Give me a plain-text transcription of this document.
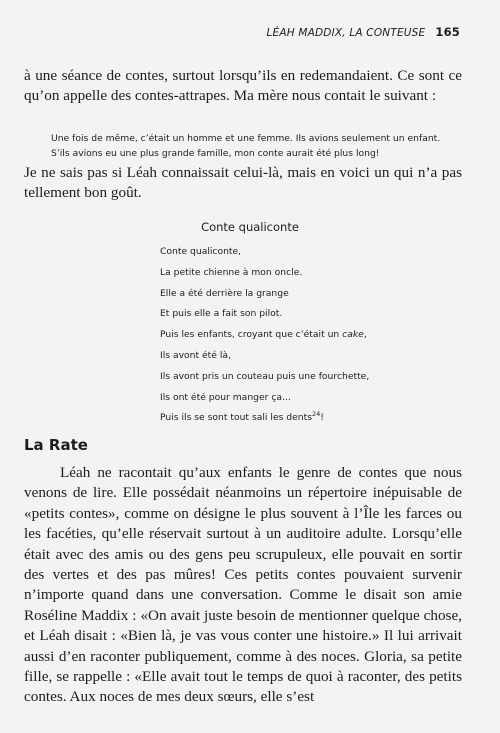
LÉAH MADDIX, LA CONTEUSE 165

à une séance de contes, surtout lorsqu’ils en redemandaient. Ce sont ce qu’on appelle des contes-attrapes. Ma mère nous contait le suivant :

Une fois de même, c’était un homme et une femme. Ils avions seulement un enfant.
S’ils avions eu une plus grande famille, mon conte aurait été plus long!

Je ne sais pas si Léah connaissait celui-là, mais en voici un qui n’a pas tellement bon goût.

Conte qualiconte

Conte qualiconte,
La petite chienne à mon oncle.
Elle a été derrière la grange
Et puis elle a fait son pilot.
Puis les enfants, croyant que c’était un cake,
Ils avont été là,
Ils avont pris un couteau puis une fourchette,
Ils ont été pour manger ça...
Puis ils se sont tout sali les dents$^{24}$!
La Rate

Léah ne racontait qu’aux enfants le genre de contes que nous venons de lire. Elle possédait néanmoins un répertoire inépuisable de «petits contes», comme on désigne le plus souvent à l’Île les farces ou les facéties, qu’elle réservait surtout à un auditoire adulte. Lorsqu’elle était avec des amis ou des gens peu scrupuleux, elle pouvait en sortir des vertes et des pas mûres! Ces petits contes pouvaient survenir n’importe quand dans une conversation. Comme le disait son amie Roséline Maddix : «On avait juste besoin de mentionner quelque chose, et Léah disait : «Bien là, je vas vous conter une histoire.» Il lui arrivait aussi d’en raconter publiquement, comme à des noces. Gloria, sa petite fille, se rappelle : «Elle avait tout le temps de quoi à raconter, des petits contes. Aux noces de mes deux sœurs, elle s’est
